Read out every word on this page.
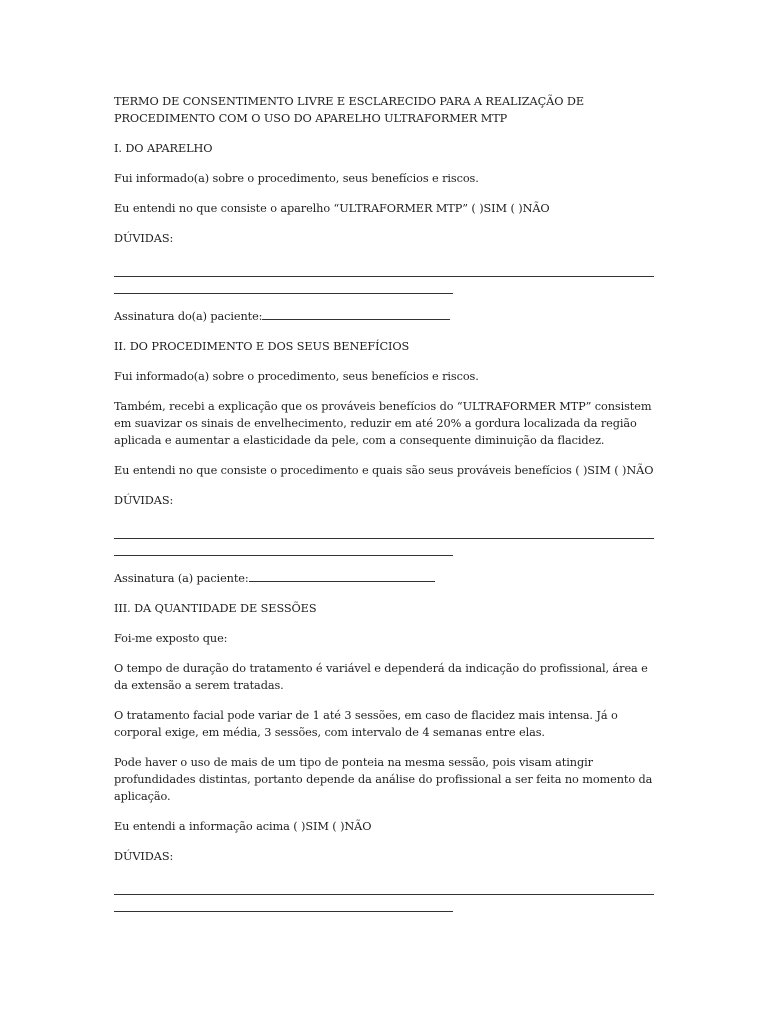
TERMO DE CONSENTIMENTO LIVRE E ESCLARECIDO PARA A REALIZAÇÃO DE PROCEDIMENTO COM O USO DO APARELHO ULTRAFORMER MTP
I. DO APARELHO

Fui informado(a) sobre o procedimento, seus benefícios e riscos.

Eu entendi no que consiste o aparelho “ULTRAFORMER MTP” ( )SIM ( )NÃO

DÚVIDAS:

Assinatura do(a) paciente:

II. DO PROCEDIMENTO E DOS SEUS BENEFÍCIOS

Fui informado(a) sobre o procedimento, seus benefícios e riscos.

Também, recebi a explicação que os prováveis benefícios do “ULTRAFORMER MTP” consistem em suavizar os sinais de envelhecimento, reduzir em até 20% a gordura localizada da região aplicada e aumentar a elasticidade da pele, com a consequente diminuição da flacidez.

Eu entendi no que consiste o procedimento e quais são seus prováveis benefícios ( )SIM ( )NÃO

DÚVIDAS:

Assinatura (a) paciente:

III. DA QUANTIDADE DE SESSÕES

Foi-me exposto que:

O tempo de duração do tratamento é variável e dependerá da indicação do profissional, área e da extensão a serem tratadas.

O tratamento facial pode variar de 1 até 3 sessões, em caso de flacidez mais intensa. Já o corporal exige, em média, 3 sessões, com intervalo de 4 semanas entre elas.

Pode haver o uso de mais de um tipo de ponteia na mesma sessão, pois visam atingir profundidades distintas, portanto depende da análise do profissional a ser feita no momento da aplicação.

Eu entendi a informação acima ( )SIM ( )NÃO

DÚVIDAS:
